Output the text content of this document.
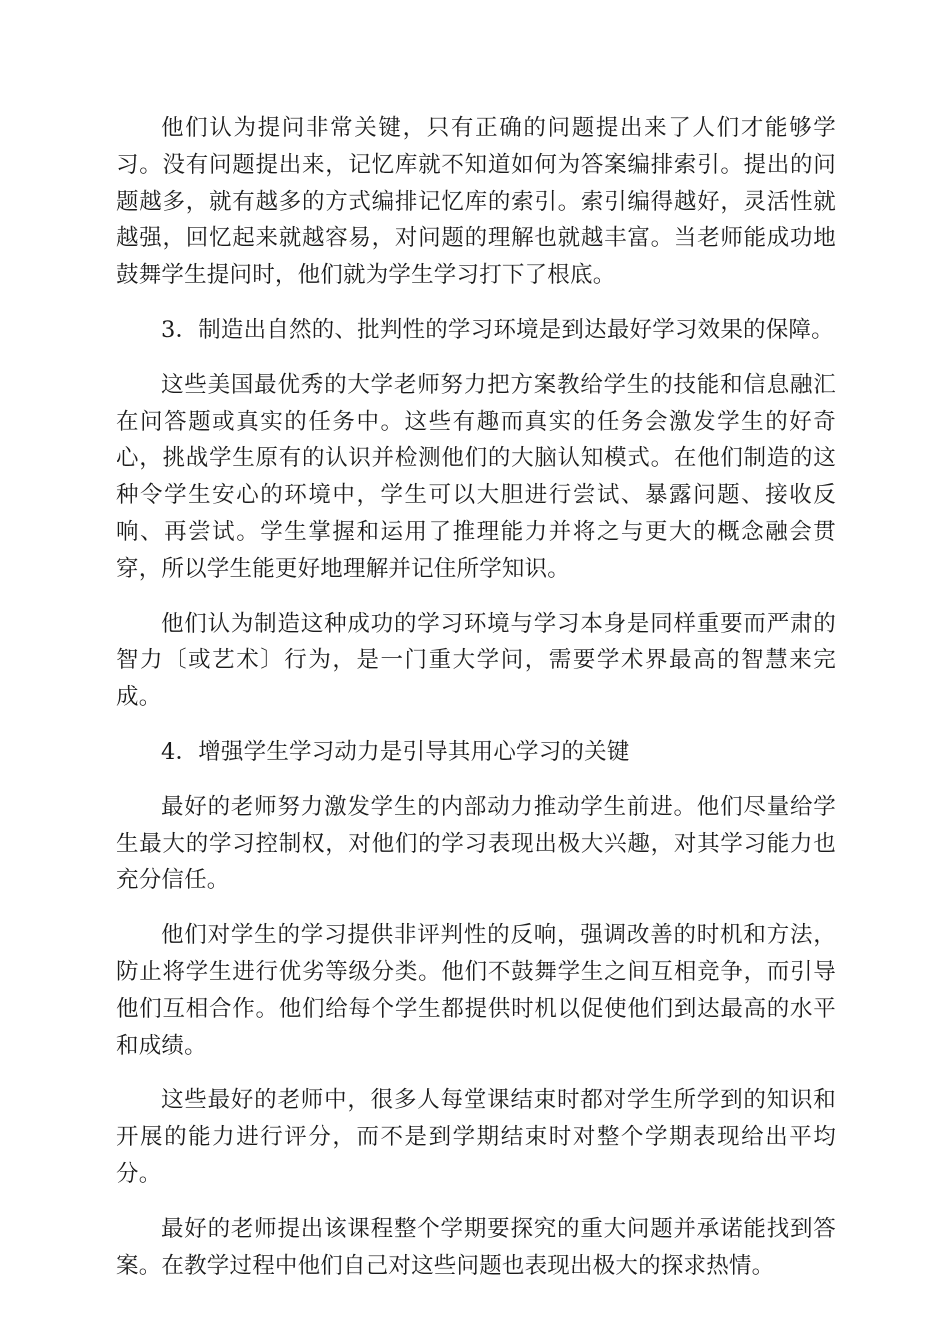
他们认为提问非常关键，只有正确的问题提出来了人们才能够学习。没有问题提出来，记忆库就不知道如何为答案编排索引。提出的问题越多，就有越多的方式编排记忆库的索引。索引编得越好，灵活性就越强，回忆起来就越容易，对问题的理解也就越丰富。当老师能成功地鼓舞学生提问时，他们就为学生学习打下了根底。

3．制造出自然的、批判性的学习环境是到达最好学习效果的保障。

这些美国最优秀的大学老师努力把方案教给学生的技能和信息融汇在问答题或真实的任务中。这些有趣而真实的任务会激发学生的好奇心，挑战学生原有的认识并检测他们的大脑认知模式。在他们制造的这种令学生安心的环境中，学生可以大胆进行尝试、暴露问题、接收反响、再尝试。学生掌握和运用了推理能力并将之与更大的概念融会贯穿，所以学生能更好地理解并记住所学知识。

他们认为制造这种成功的学习环境与学习本身是同样重要而严肃的智力〔或艺术〕行为，是一门重大学问，需要学术界最高的智慧来完成。

4．增强学生学习动力是引导其用心学习的关键

最好的老师努力激发学生的内部动力推动学生前进。他们尽量给学生最大的学习控制权，对他们的学习表现出极大兴趣，对其学习能力也充分信任。

他们对学生的学习提供非评判性的反响，强调改善的时机和方法，防止将学生进行优劣等级分类。他们不鼓舞学生之间互相竞争，而引导他们互相合作。他们给每个学生都提供时机以促使他们到达最高的水平和成绩。

这些最好的老师中，很多人每堂课结束时都对学生所学到的知识和开展的能力进行评分，而不是到学期结束时对整个学期表现给出平均分。

最好的老师提出该课程整个学期要探究的重大问题并承诺能找到答案。在教学过程中他们自己对这些问题也表现出极大的探求热情。
